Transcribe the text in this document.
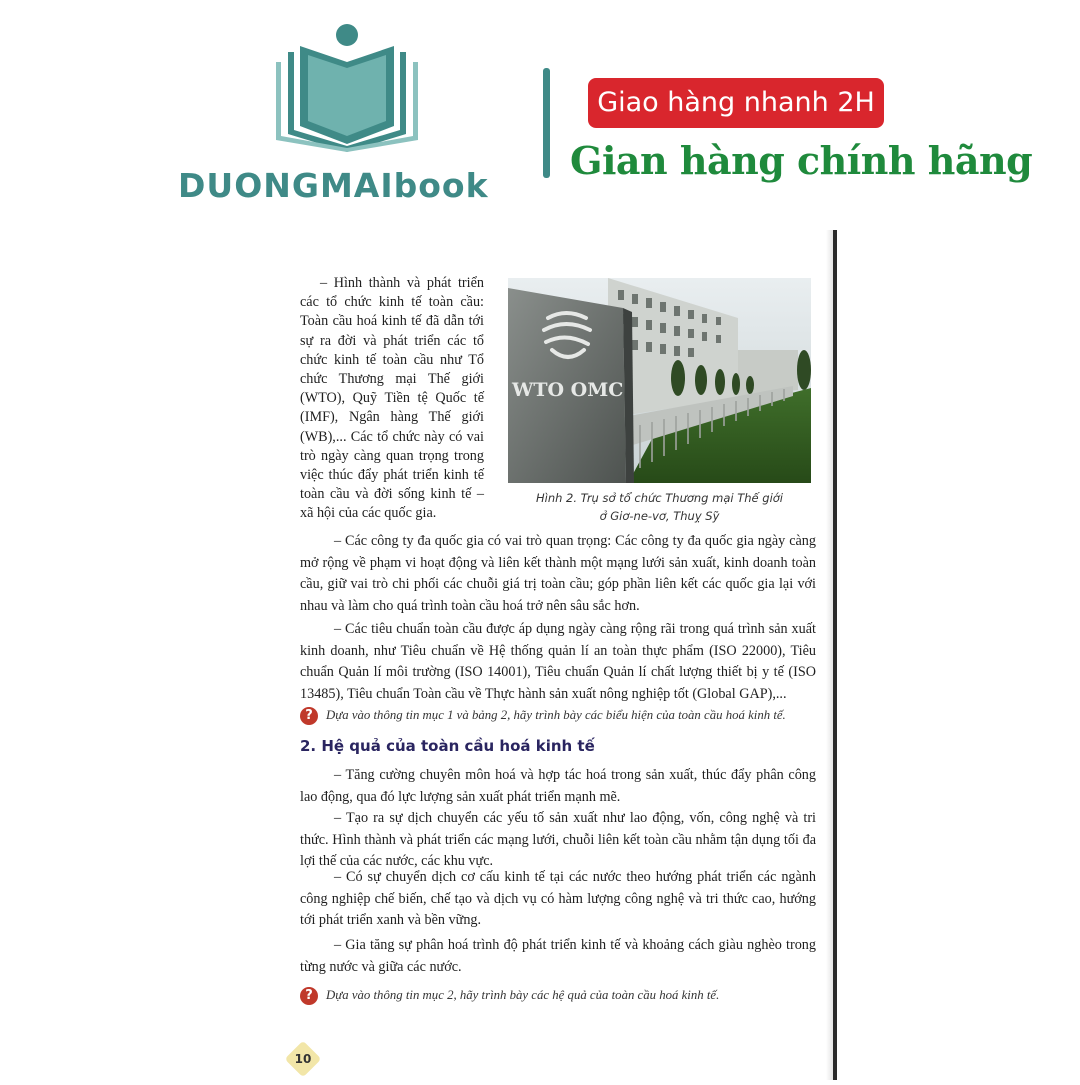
DUONGMAIbook
Giao hàng nhanh 2H
Gian hàng chính hãng

– Hình thành và phát triển các tổ chức kinh tế toàn cầu: Toàn cầu hoá kinh tế đã dẫn tới sự ra đời và phát triển các tổ chức kinh tế toàn cầu như Tổ chức Thương mại Thế giới (WTO), Quỹ Tiền tệ Quốc tế (IMF), Ngân hàng Thế giới (WB),... Các tổ chức này có vai trò ngày càng quan trọng trong việc thúc đẩy phát triển kinh tế toàn cầu và đời sống kinh tế – xã hội của các quốc gia.

WTO OMC
Hình 2. Trụ sở tổ chức Thương mại Thế giới
ở Giơ-ne-vơ, Thuỵ Sỹ

– Các công ty đa quốc gia có vai trò quan trọng: Các công ty đa quốc gia ngày càng mở rộng về phạm vi hoạt động và liên kết thành một mạng lưới sản xuất, kinh doanh toàn cầu, giữ vai trò chi phối các chuỗi giá trị toàn cầu; góp phần liên kết các quốc gia lại với nhau và làm cho quá trình toàn cầu hoá trở nên sâu sắc hơn.

– Các tiêu chuẩn toàn cầu được áp dụng ngày càng rộng rãi trong quá trình sản xuất kinh doanh, như Tiêu chuẩn về Hệ thống quản lí an toàn thực phẩm (ISO 22000), Tiêu chuẩn Quản lí môi trường (ISO 14001), Tiêu chuẩn Quản lí chất lượng thiết bị y tế (ISO 13485), Tiêu chuẩn Toàn cầu về Thực hành sản xuất nông nghiệp tốt (Global GAP),...

?	Dựa vào thông tin mục 1 và bảng 2, hãy trình bày các biểu hiện của toàn cầu hoá kinh tế.
2. Hệ quả của toàn cầu hoá kinh tế

– Tăng cường chuyên môn hoá và hợp tác hoá trong sản xuất, thúc đẩy phân công lao động, qua đó lực lượng sản xuất phát triển mạnh mẽ.

– Tạo ra sự dịch chuyển các yếu tố sản xuất như lao động, vốn, công nghệ và tri thức. Hình thành và phát triển các mạng lưới, chuỗi liên kết toàn cầu nhằm tận dụng tối đa lợi thế của các nước, các khu vực.

– Có sự chuyển dịch cơ cấu kinh tế tại các nước theo hướng phát triển các ngành công nghiệp chế biến, chế tạo và dịch vụ có hàm lượng công nghệ và tri thức cao, hướng tới phát triển xanh và bền vững.

– Gia tăng sự phân hoá trình độ phát triển kinh tế và khoảng cách giàu nghèo trong từng nước và giữa các nước.

?	Dựa vào thông tin mục 2, hãy trình bày các hệ quả của toàn cầu hoá kinh tế.
10
